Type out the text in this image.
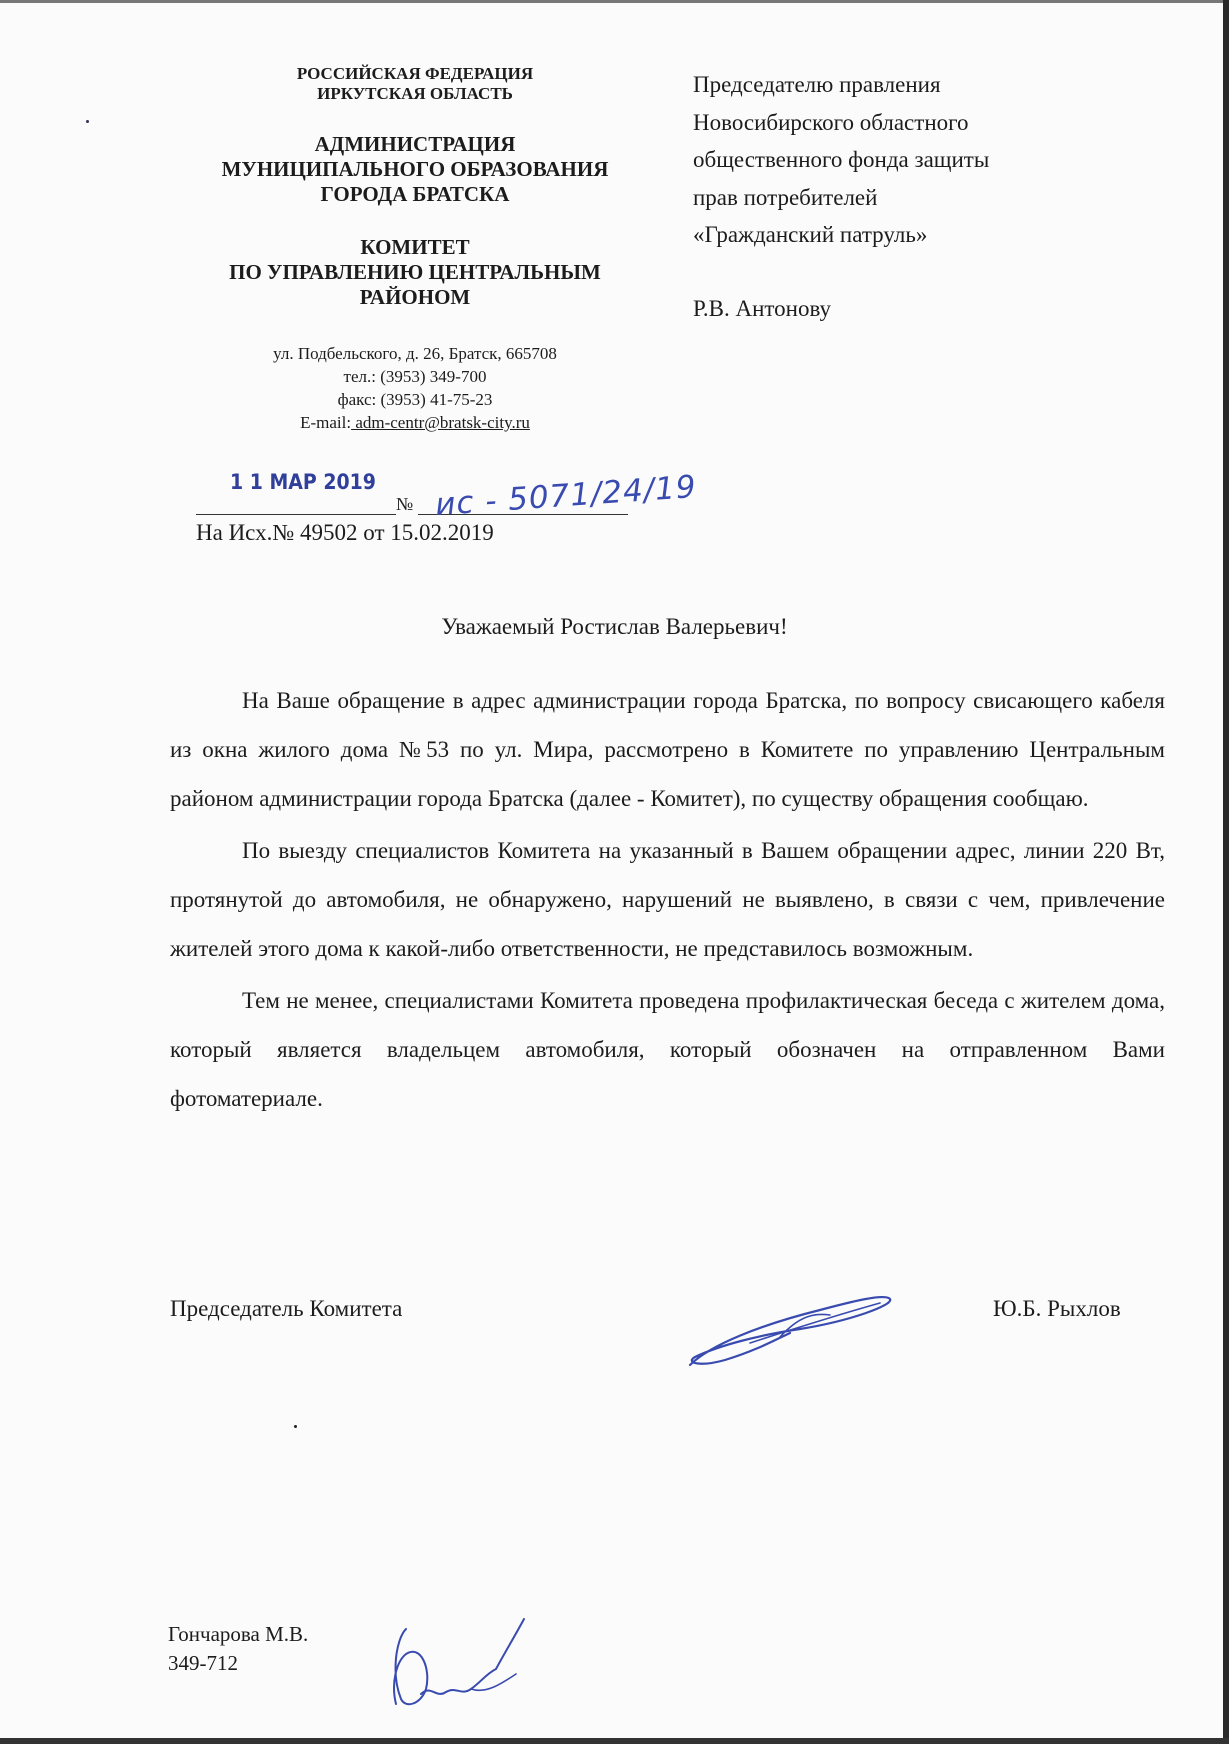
РОССИЙСКАЯ ФЕДЕРАЦИЯ
ИРКУТСКАЯ ОБЛАСТЬ
АДМИНИСТРАЦИЯ
МУНИЦИПАЛЬНОГО ОБРАЗОВАНИЯ
ГОРОДА БРАТСКА
КОМИТЕТ
ПО УПРАВЛЕНИЮ ЦЕНТРАЛЬНЫМ
РАЙОНОМ
ул. Подбельского, д. 26, Братск, 665708
тел.: (3953) 349-700
факс: (3953) 41-75-23
E-mail: adm-centr@bratsk-city.ru
Председателю правления
Новосибирского областного
общественного фонда защиты
прав потребителей
«Гражданский патруль»
Р.В. Антонову
1 1 МАР 2019
№ ис - 5071/24/19
На Исх.№ 49502 от 15.02.2019
Уважаемый Ростислав Валерьевич!

На Ваше обращение в адрес администрации города Братска, по вопросу свисающего кабеля из окна жилого дома №53 по ул. Мира, рассмотрено в Комитете по управлению Центральным районом администрации города Братска (далее - Комитет), по существу обращения сообщаю.

По выезду специалистов Комитета на указанный в Вашем обращении адрес, линии 220 Вт, протянутой до автомобиля, не обнаружено, нарушений не выявлено, в связи с чем, привлечение жителей этого дома к какой-либо ответственности, не представилось возможным.

Тем не менее, специалистами Комитета проведена профилактическая беседа с жителем дома, который является владельцем автомобиля, который обозначен на отправленном Вами фотоматериале.

Председатель Комитета	Ю.Б. Рыхлов
Гончарова М.В.
349-712
